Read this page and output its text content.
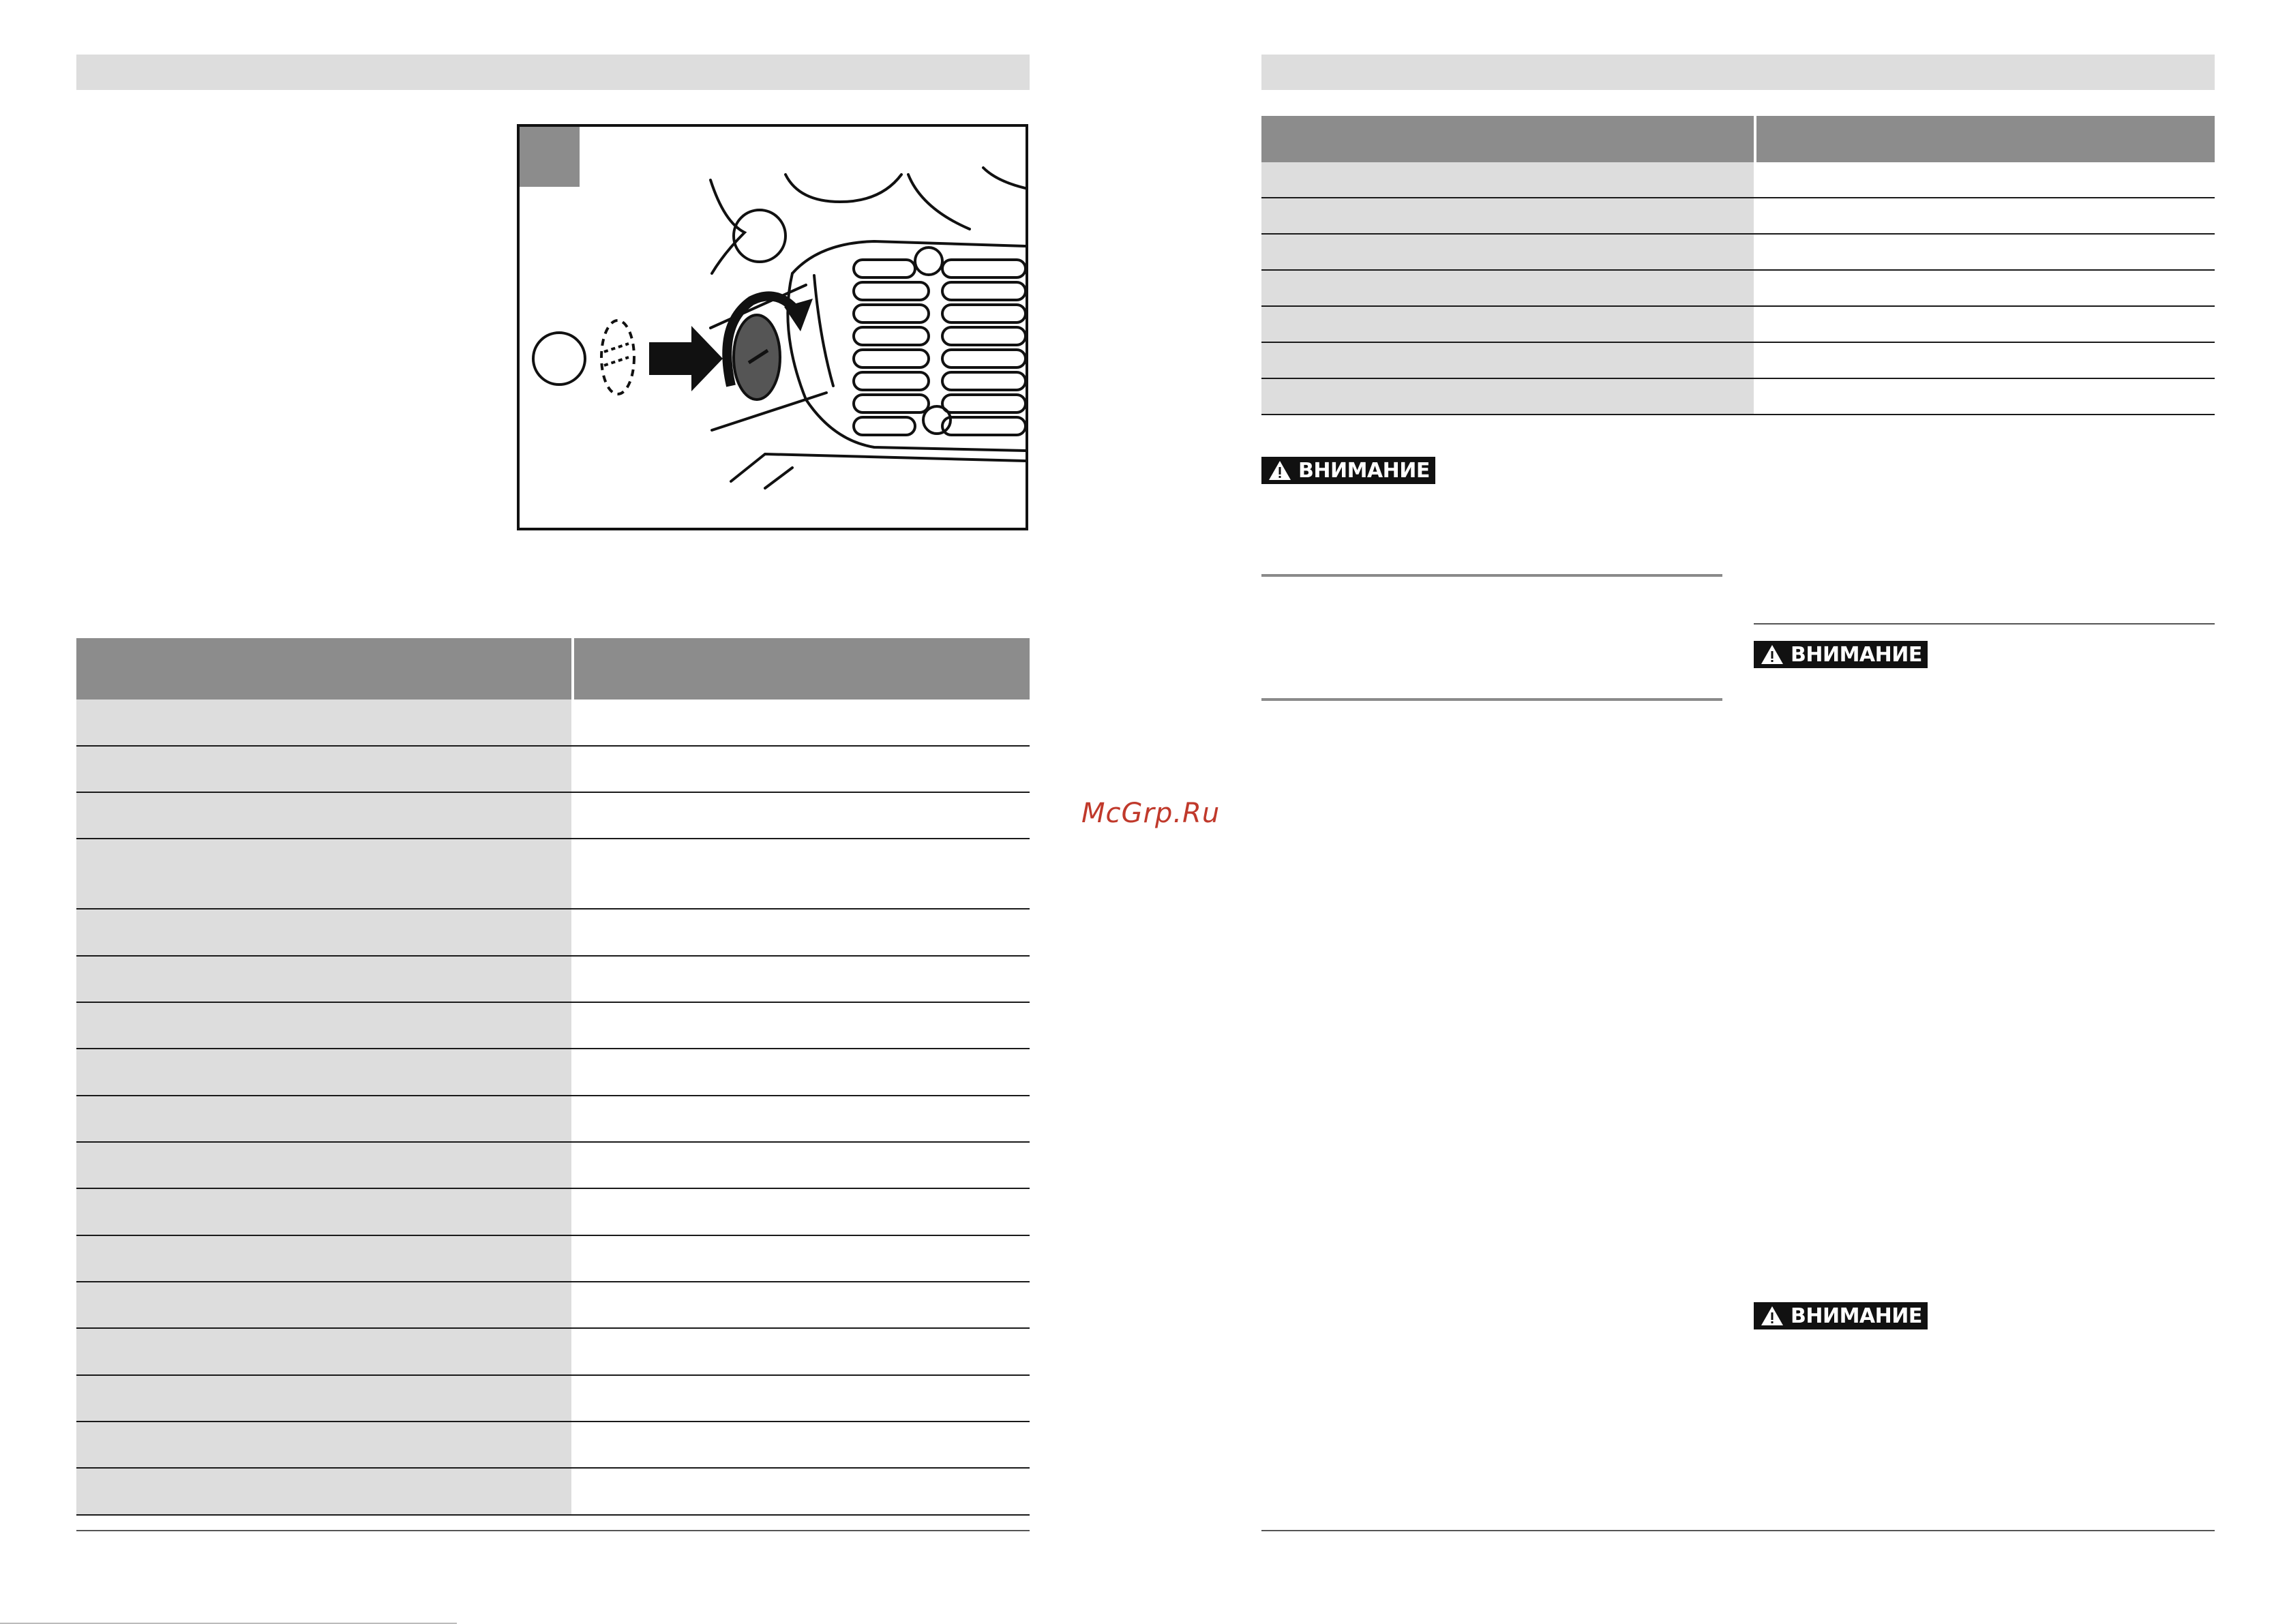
McGrp.Ru
ВНИМАНИЕ
ВНИМАНИЕ
ВНИМАНИЕ
